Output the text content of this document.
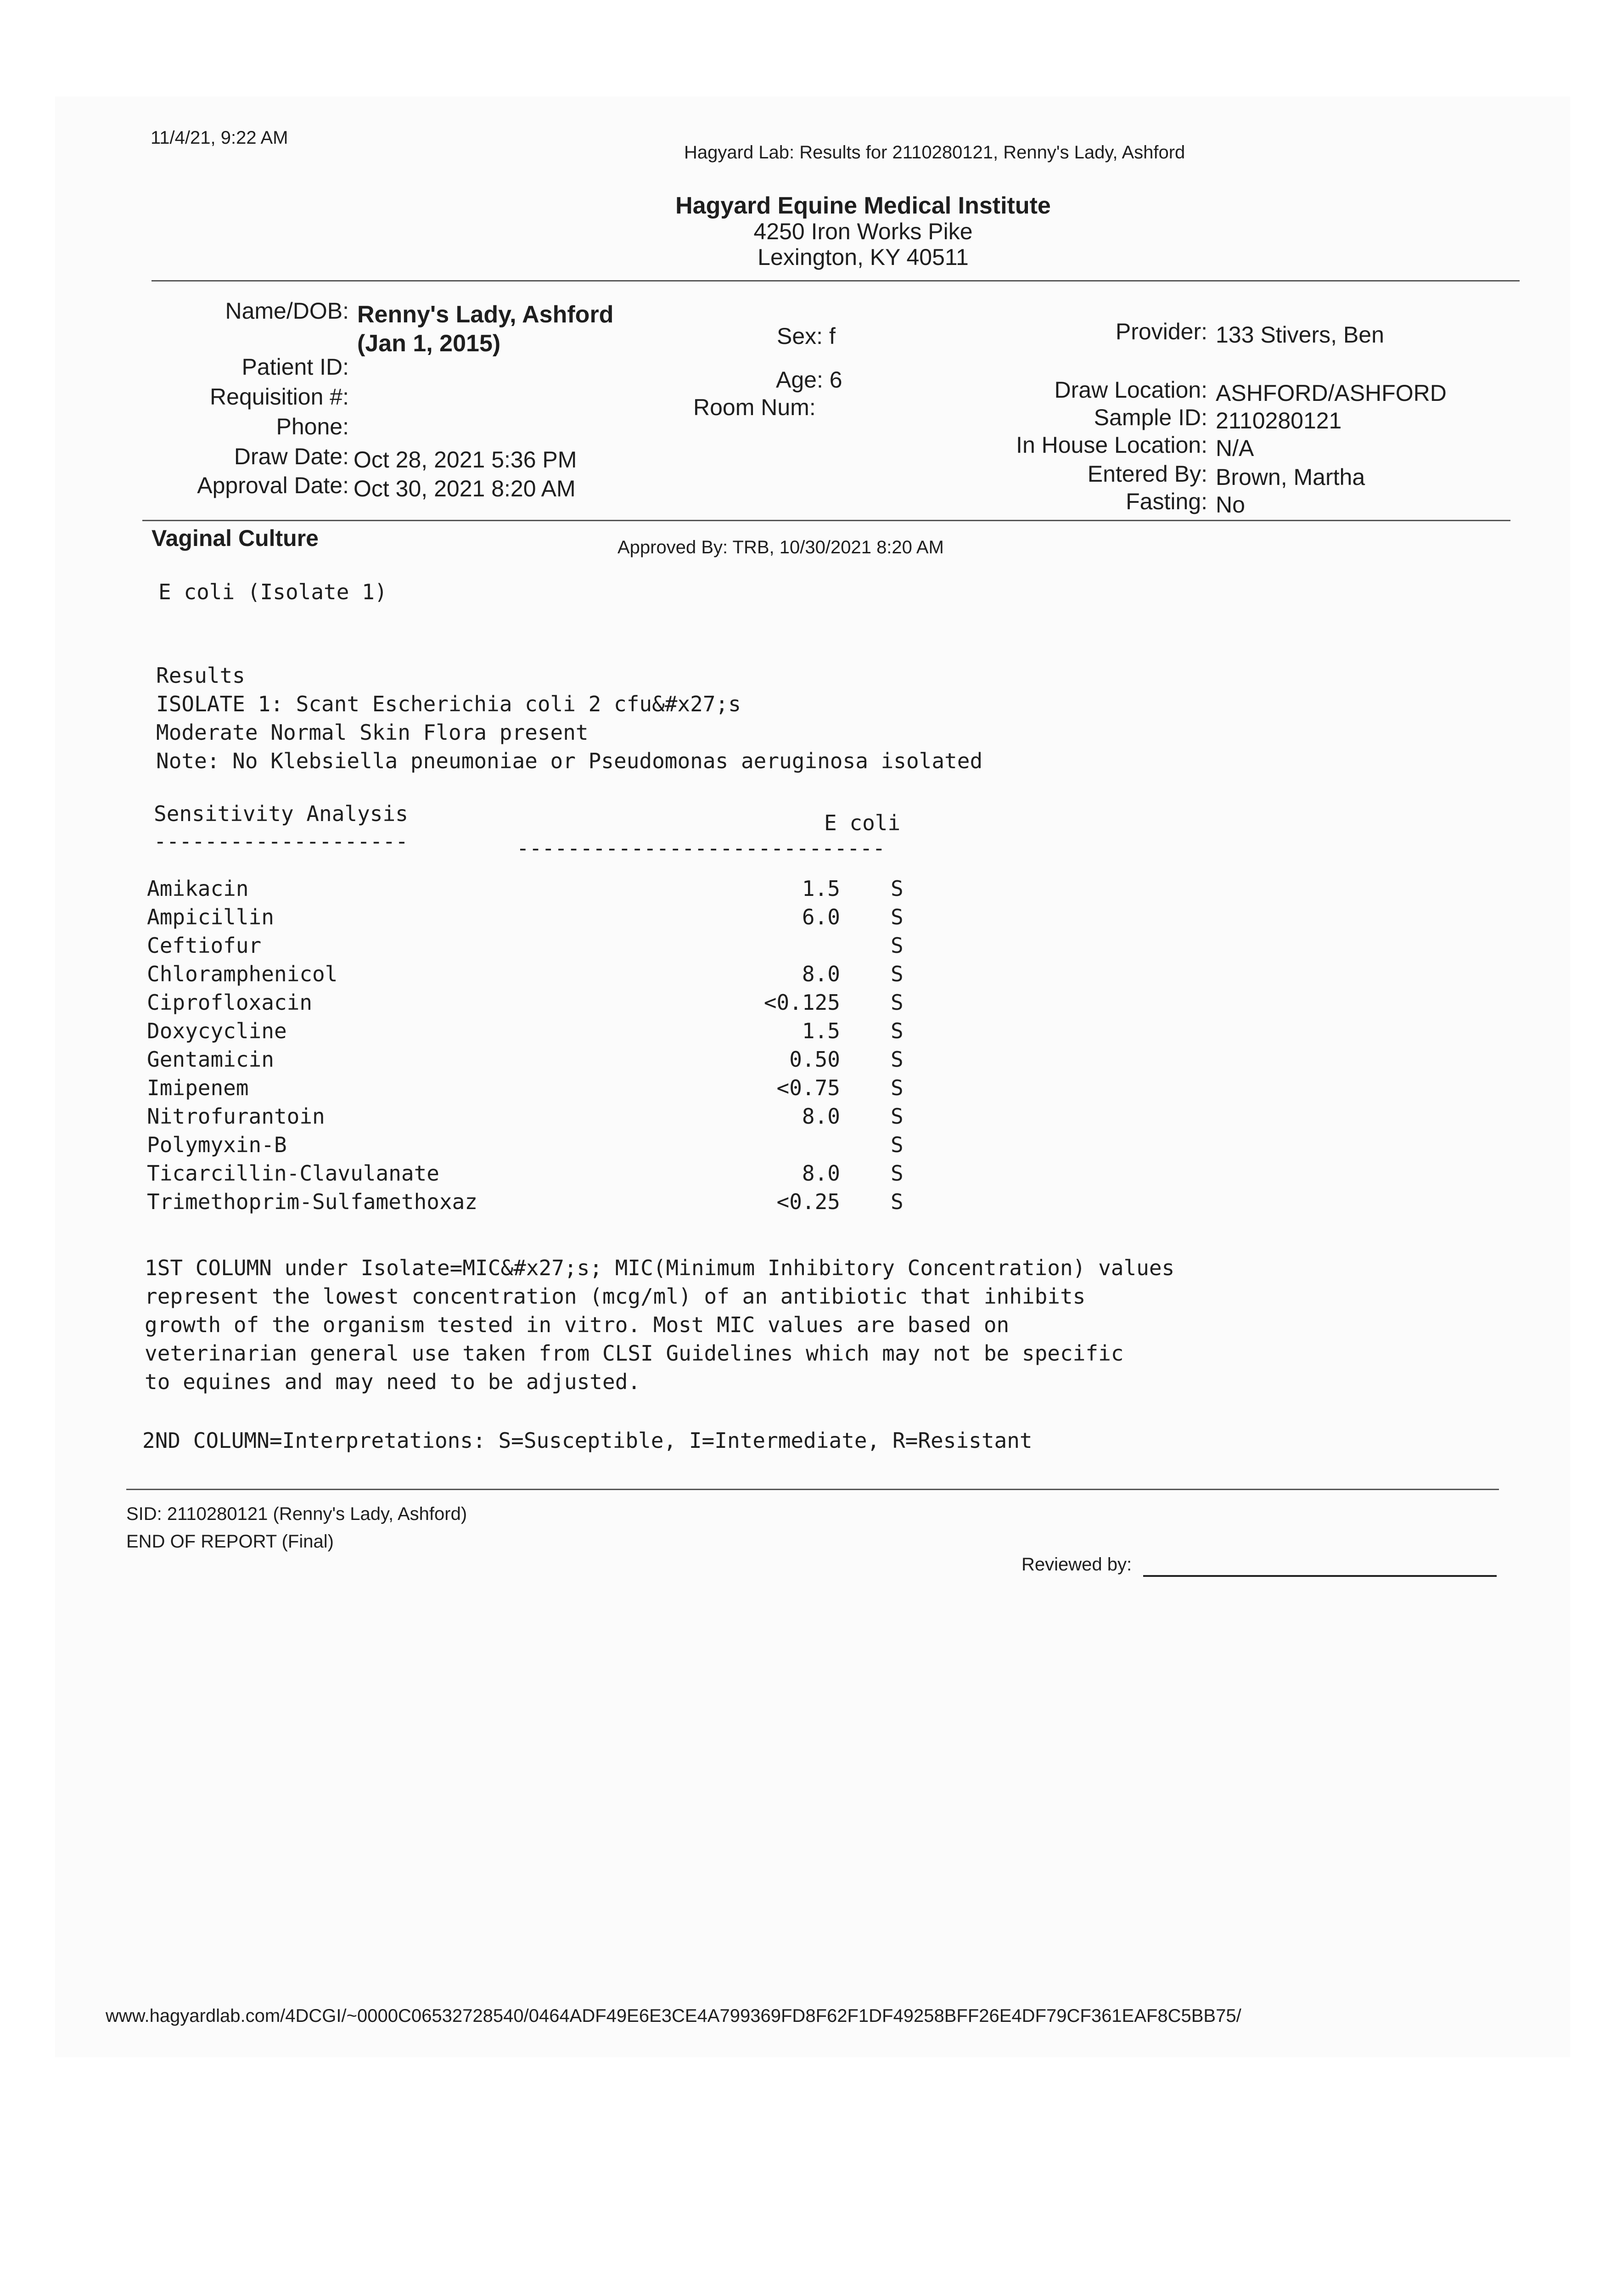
11/4/21, 9:22 AM
Hagyard Lab: Results for 2110280121, Renny's Lady, Ashford
Hagyard Equine Medical Institute
4250 Iron Works Pike
Lexington, KY 40511
Name/DOB: Renny's Lady, Ashford
(Jan 1, 2015)
Patient ID:
Requisition #:
Phone:
Draw Date: Oct 28, 2021 5:36 PM
Approval Date: Oct 30, 2021 8:20 AM
Sex: f
Age: 6
Room Num:
Provider: 133 Stivers, Ben
Draw Location: ASHFORD/ASHFORD
Sample ID: 2110280121
In House Location: N/A
Entered By: Brown, Martha
Fasting: No
Vaginal Culture	Approved By: TRB, 10/30/2021 8:20 AM
E coli (Isolate 1)
Results
ISOLATE 1: Scant Escherichia coli 2 cfu&#x27;s
Moderate Normal Skin Flora present
Note: No Klebsiella pneumoniae or Pseudomonas aeruginosa isolated
Sensitivity Analysis
--------------------
E coli
-----------------------------
Amikacin	1.5 S
Ampicillin	6.0 S
Ceftiofur	S
Chloramphenicol	8.0 S
Ciprofloxacin	<0.125 S
Doxycycline	1.5 S
Gentamicin	0.50 S
Imipenem	<0.75 S
Nitrofurantoin	8.0 S
Polymyxin-B	S
Ticarcillin-Clavulanate	8.0 S
Trimethoprim-Sulfamethoxaz	<0.25 S
1ST COLUMN under Isolate=MIC&#x27;s; MIC(Minimum Inhibitory Concentration) values
represent the lowest concentration (mcg/ml) of an antibiotic that inhibits
growth of the organism tested in vitro. Most MIC values are based on
veterinarian general use taken from CLSI Guidelines which may not be specific
to equines and may need to be adjusted.
2ND COLUMN=Interpretations: S=Susceptible, I=Intermediate, R=Resistant
SID: 2110280121 (Renny's Lady, Ashford)
END OF REPORT (Final)
Reviewed by:
www.hagyardlab.com/4DCGI/~0000C06532728540/0464ADF49E6E3CE4A799369FD8F62F1DF49258BFF26E4DF79CF361EAF8C5BB75/
